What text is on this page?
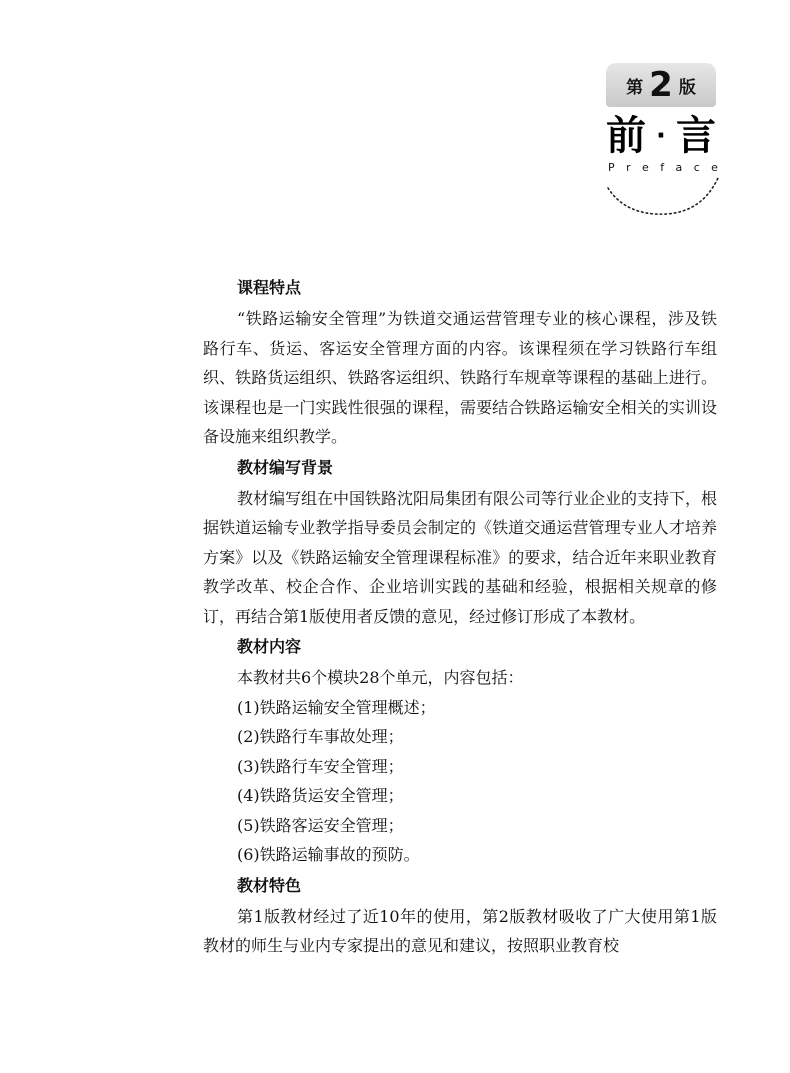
第 2 版
前 · 言
P r e f a c e
课程特点

“铁路运输安全管理”为铁道交通运营管理专业的核心课程，涉及铁路行车、货运、客运安全管理方面的内容。该课程须在学习铁路行车组织、铁路货运组织、铁路客运组织、铁路行车规章等课程的基础上进行。该课程也是一门实践性很强的课程，需要结合铁路运输安全相关的实训设备设施来组织教学。

教材编写背景

教材编写组在中国铁路沈阳局集团有限公司等行业企业的支持下，根据铁道运输专业教学指导委员会制定的《铁道交通运营管理专业人才培养方案》以及《铁路运输安全管理课程标准》的要求，结合近年来职业教育教学改革、校企合作、企业培训实践的基础和经验，根据相关规章的修订，再结合第1版使用者反馈的意见，经过修订形成了本教材。

教材内容
本教材共6个模块28个单元，内容包括：
(1)铁路运输安全管理概述；
(2)铁路行车事故处理；
(3)铁路行车安全管理；
(4)铁路货运安全管理；
(5)铁路客运安全管理；
(6)铁路运输事故的预防。
教材特色

第1版教材经过了近10年的使用，第2版教材吸收了广大使用第1版教材的师生与业内专家提出的意见和建议，按照职业教育校
